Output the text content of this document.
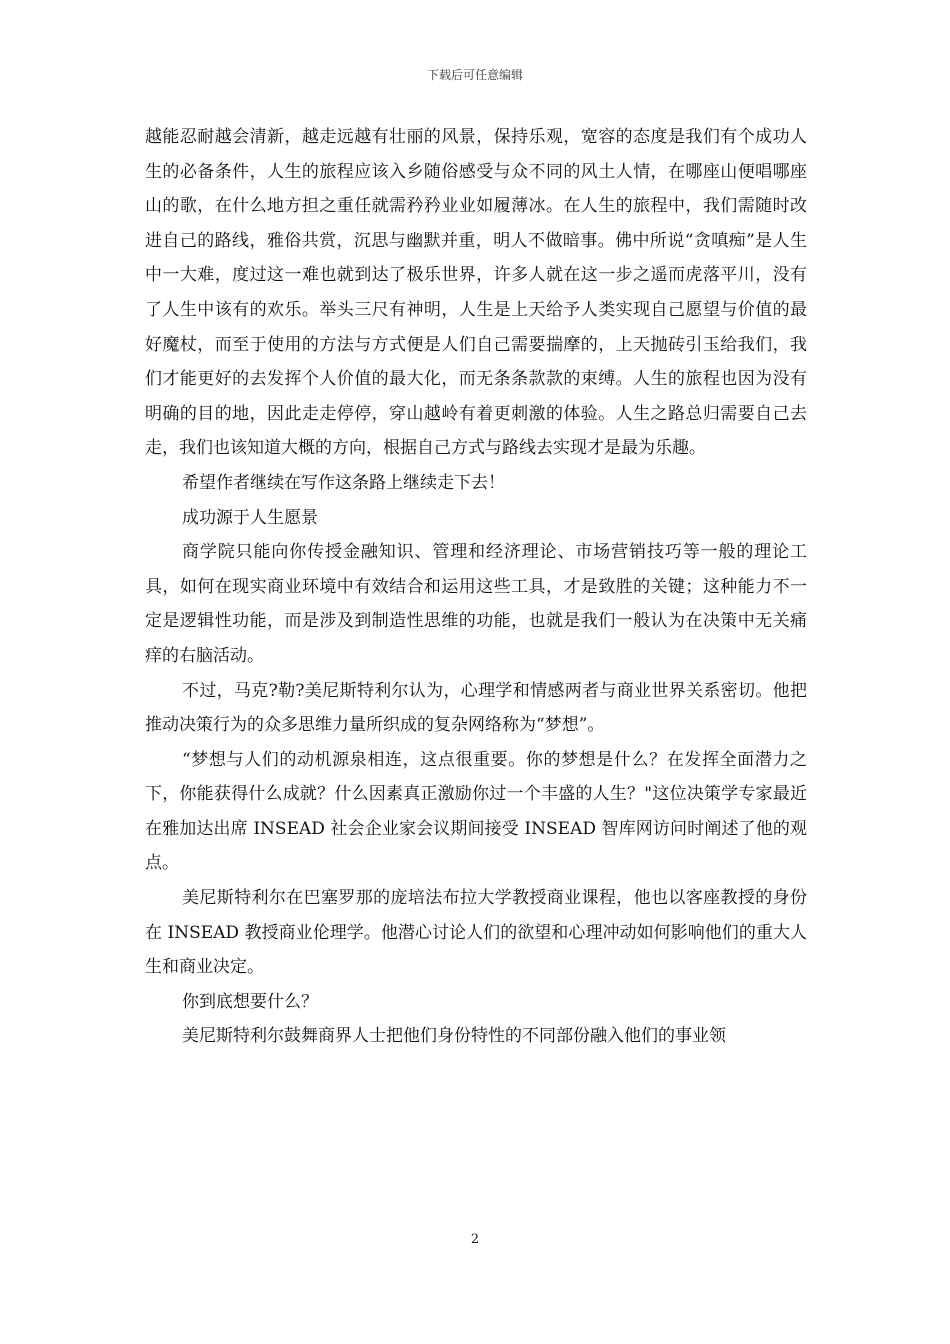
下载后可任意编辑

越能忍耐越会清新，越走远越有壮丽的风景，保持乐观，宽容的态度是我们有个成功人生的必备条件，人生的旅程应该入乡随俗感受与众不同的风土人情，在哪座山便唱哪座山的歌，在什么地方担之重任就需矜矜业业如履薄冰。在人生的旅程中，我们需随时改进自己的路线，雅俗共赏，沉思与幽默并重，明人不做暗事。佛中所说“贪嗔痴”是人生中一大难，度过这一难也就到达了极乐世界，许多人就在这一步之遥而虎落平川，没有了人生中该有的欢乐。举头三尺有神明，人生是上天给予人类实现自己愿望与价值的最好魔杖，而至于使用的方法与方式便是人们自己需要揣摩的，上天抛砖引玉给我们，我们才能更好的去发挥个人价值的最大化，而无条条款款的束缚。人生的旅程也因为没有明确的目的地，因此走走停停，穿山越岭有着更刺激的体验。人生之路总归需要自己去走，我们也该知道大概的方向，根据自己方式与路线去实现才是最为乐趣。

希望作者继续在写作这条路上继续走下去！

成功源于人生愿景

商学院只能向你传授金融知识、管理和经济理论、市场营销技巧等一般的理论工具，如何在现实商业环境中有效结合和运用这些工具，才是致胜的关键；这种能力不一定是逻辑性功能，而是涉及到制造性思维的功能，也就是我们一般认为在决策中无关痛痒的右脑活动。

不过，马克?勒?美尼斯特利尔认为，心理学和情感两者与商业世界关系密切。他把推动决策行为的众多思维力量所织成的复杂网络称为“梦想”。

“梦想与人们的动机源泉相连，这点很重要。你的梦想是什么？在发挥全面潜力之下，你能获得什么成就？什么因素真正激励你过一个丰盛的人生？"这位决策学专家最近在雅加达出席 INSEAD 社会企业家会议期间接受 INSEAD 智库网访问时阐述了他的观点。

美尼斯特利尔在巴塞罗那的庞培法布拉大学教授商业课程，他也以客座教授的身份在 INSEAD 教授商业伦理学。他潜心讨论人们的欲望和心理冲动如何影响他们的重大人生和商业决定。

你到底想要什么？

美尼斯特利尔鼓舞商界人士把他们身份特性的不同部份融入他们的事业领

2
